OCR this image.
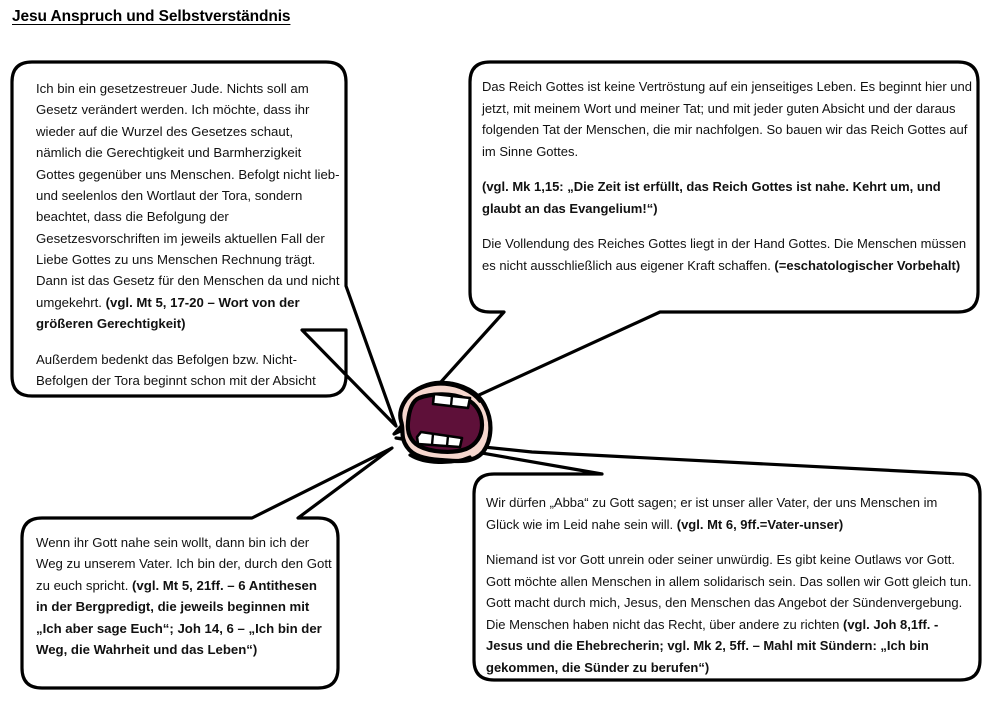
Jesu Anspruch und Selbstverständnis

Ich bin ein gesetzestreuer Jude. Nichts soll am Gesetz verändert werden. Ich möchte, dass ihr wieder auf die Wurzel des Gesetzes schaut, nämlich die Gerechtigkeit und Barmherzigkeit Gottes gegenüber uns Menschen. Befolgt nicht lieb- und seelenlos den Wortlaut der Tora, sondern beachtet, dass die Befolgung der Gesetzesvorschriften im jeweils aktuellen Fall der Liebe Gottes zu uns Menschen Rechnung trägt. Dann ist das Gesetz für den Menschen da und nicht umgekehrt. (vgl. Mt 5, 17-20 – Wort von der größeren Gerechtigkeit)

Außerdem bedenkt das Befolgen bzw. Nicht-Befolgen der Tora beginnt schon mit der Absicht

Das Reich Gottes ist keine Vertröstung auf ein jenseitiges Leben. Es beginnt hier und jetzt, mit meinem Wort und meiner Tat; und mit jeder guten Absicht und der daraus folgenden Tat der Menschen, die mir nachfolgen. So bauen wir das Reich Gottes auf im Sinne Gottes.

(vgl. Mk 1,15: „Die Zeit ist erfüllt, das Reich Gottes ist nahe. Kehrt um, und glaubt an das Evangelium!“)

Die Vollendung des Reiches Gottes liegt in der Hand Gottes. Die Menschen müssen es nicht ausschließlich aus eigener Kraft schaffen. (=eschatologischer Vorbehalt)

Wenn ihr Gott nahe sein wollt, dann bin ich der Weg zu unserem Vater. Ich bin der, durch den Gott zu euch spricht. (vgl. Mt 5, 21ff. – 6 Antithesen in der Bergpredigt, die jeweils beginnen mit „Ich aber sage Euch“; Joh 14, 6 – „Ich bin der Weg, die Wahrheit und das Leben“)

Wir dürfen „Abba“ zu Gott sagen; er ist unser aller Vater, der uns Menschen im Glück wie im Leid nahe sein will. (vgl. Mt 6, 9ff.=Vater-unser)

Niemand ist vor Gott unrein oder seiner unwürdig. Es gibt keine Outlaws vor Gott. Gott möchte allen Menschen in allem solidarisch sein. Das sollen wir Gott gleich tun. Gott macht durch mich, Jesus, den Menschen das Angebot der Sündenvergebung. Die Menschen haben nicht das Recht, über andere zu richten (vgl. Joh 8,1ff. - Jesus und die Ehebrecherin; vgl. Mk 2, 5ff. – Mahl mit Sündern: „Ich bin gekommen, die Sünder zu berufen“)
